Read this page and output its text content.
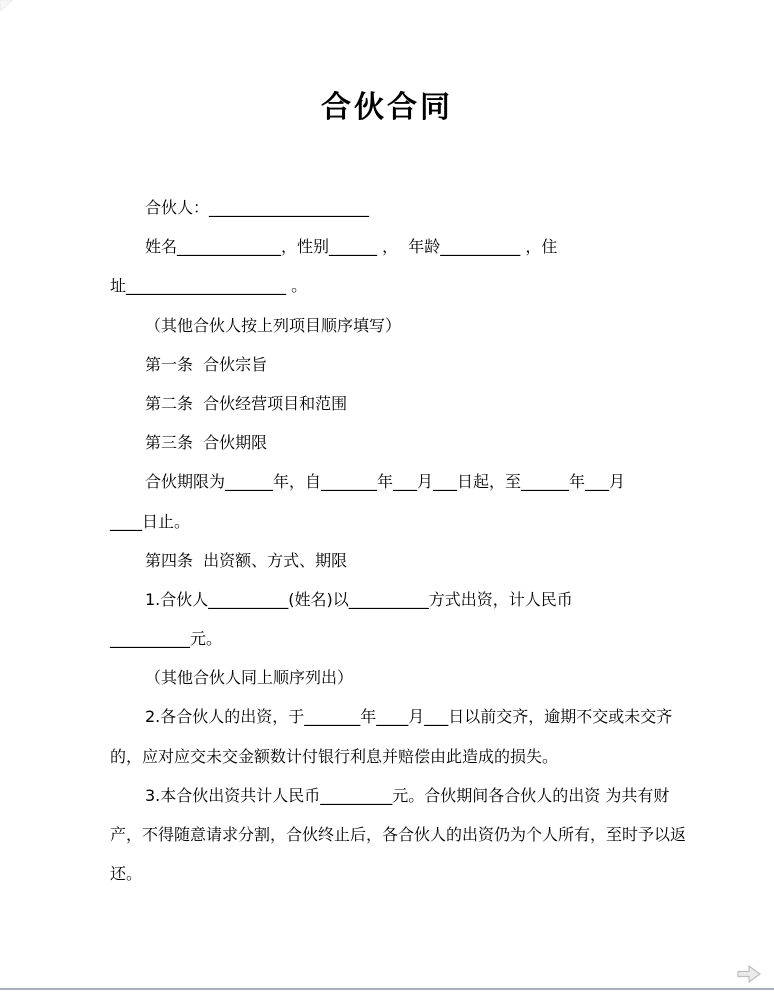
合伙合同
合伙人：____________________
姓名_____________，性别______ ，  年龄__________ ，住
址____________________ 。
（其他合伙人按上列项目顺序填写）
第一条  合伙宗旨
第二条  合伙经营项目和范围
第三条  合伙期限
合伙期限为______年，自_______年___月___日起，至______年___月
____日止。
第四条  出资额、方式、期限
1.合伙人__________(姓名)以__________方式出资，计人民币
__________元。
（其他合伙人同上顺序列出）
2.各合伙人的出资，于_______年____月___日以前交齐，逾期不交或未交齐
的，应对应交未交金额数计付银行利息并赔偿由此造成的损失。
3.本合伙出资共计人民币_________元。合伙期间各合伙人的出资 为共有财
产，不得随意请求分割，合伙终止后，各合伙人的出资仍为个人所有，至时予以返
还。
